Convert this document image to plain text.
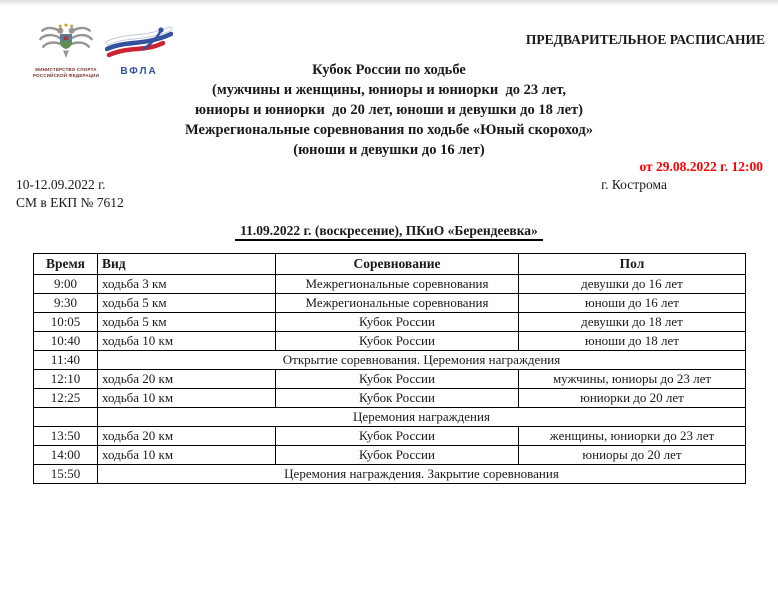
МИНИСТЕРСТВО СПОРТА
РОССИЙСКОЙ ФЕДЕРАЦИИ	ВФЛА
ПРЕДВАРИТЕЛЬНОЕ РАСПИСАНИЕ
Кубок России по ходьбе
(мужчины и женщины, юниоры и юниорки  до 23 лет,
юниоры и юниорки  до 20 лет, юноши и девушки до 18 лет)
Межрегиональные соревнования по ходьбе «Юный скороход»
(юноши и девушки до 16 лет)
от 29.08.2022 г. 12:00
10-12.09.2022 г.	г. Кострома
СМ в ЕКП № 7612
11.09.2022 г. (воскресение), ПКиО «Берендеевка»
Время	Вид	Соревнование	Пол
9:00	ходьба 3 км	Межрегиональные соревнования	девушки до 16 лет
9:30	ходьба 5 км	Межрегиональные соревнования	юноши до 16 лет
10:05	ходьба 5 км	Кубок России	девушки до 18 лет
10:40	ходьба 10 км	Кубок России	юноши до 18 лет
11:40	Открытие соревнования. Церемония награждения		
12:10	ходьба 20 км	Кубок России	мужчины, юниоры до 23 лет
12:25	ходьба 10 км	Кубок России	юниорки до 20 лет
	Церемония награждения		
13:50	ходьба 20 км	Кубок России	женщины, юниорки до 23 лет
14:00	ходьба 10 км	Кубок России	юниоры до 20 лет
15:50	Церемония награждения. Закрытие соревнования		
